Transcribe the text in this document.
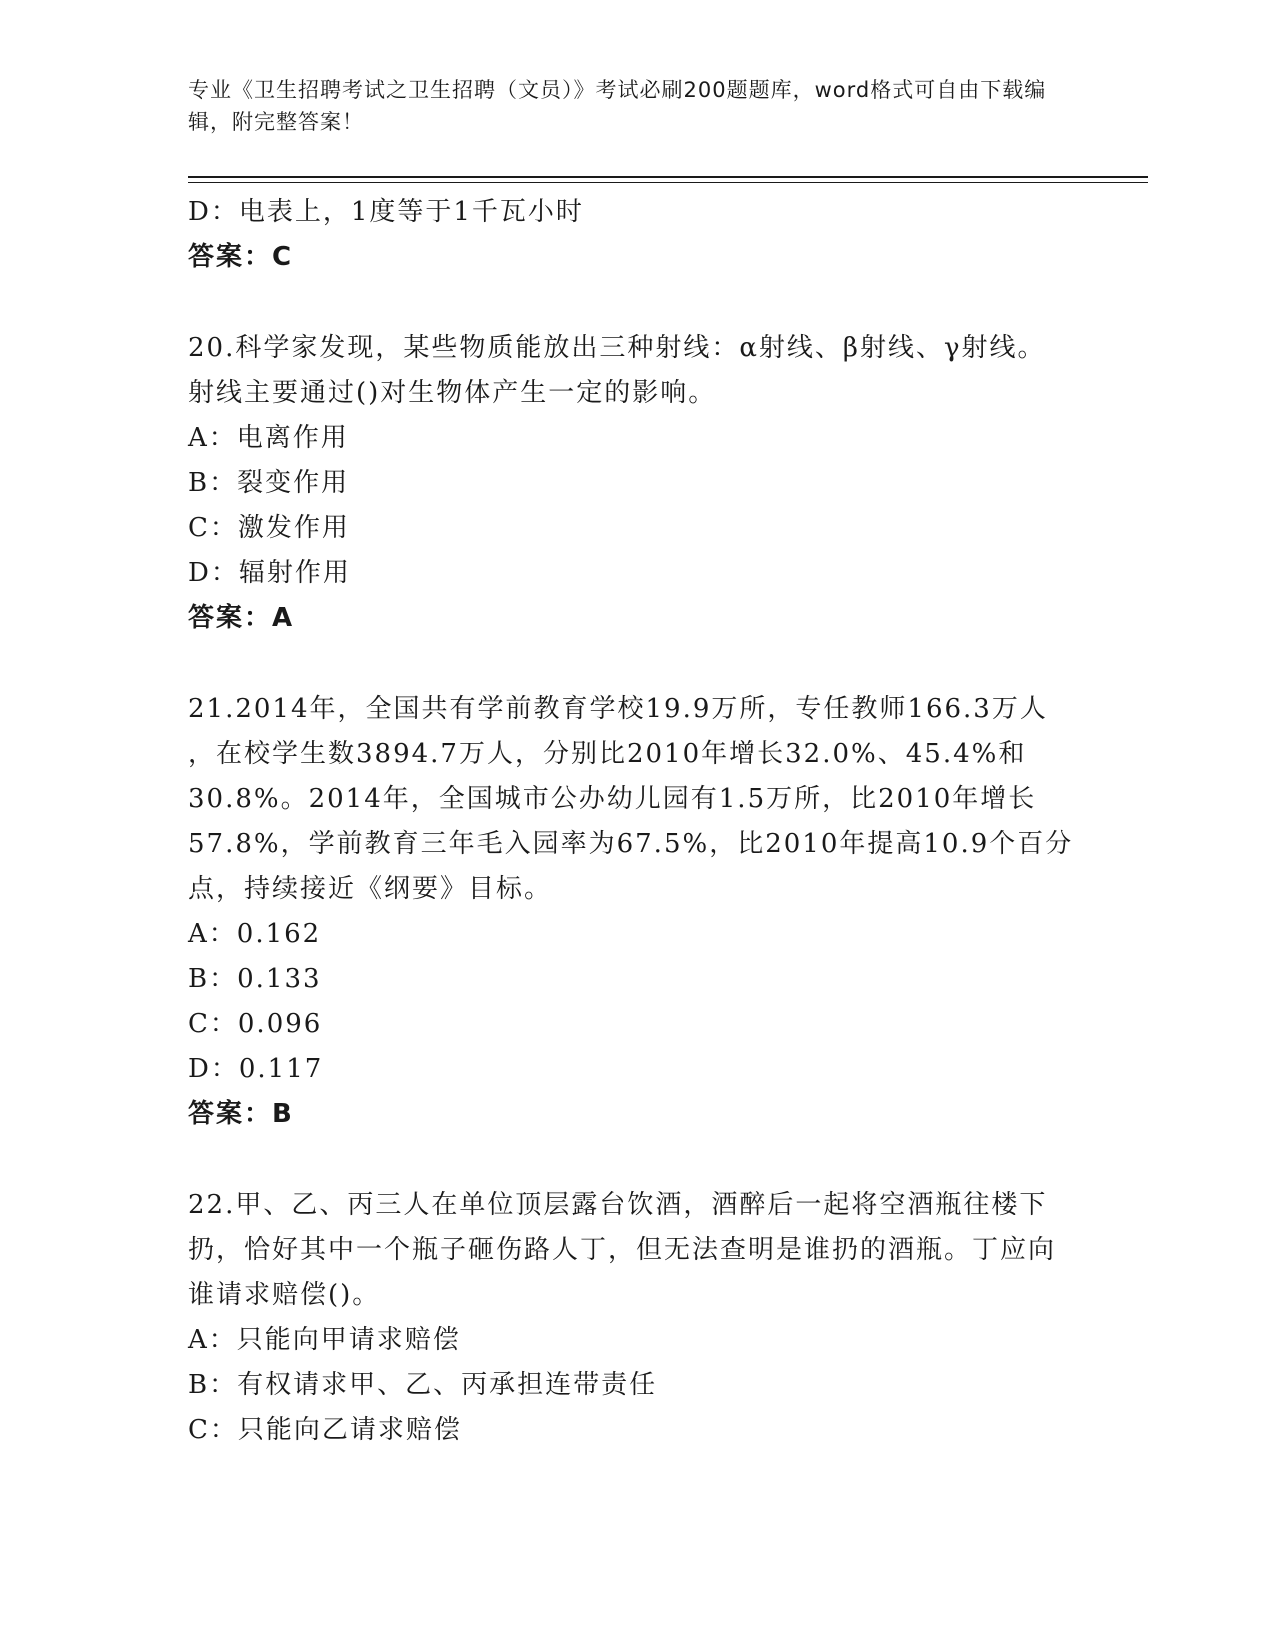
专业《卫生招聘考试之卫生招聘（文员）》考试必刷200题题库，word格式可自由下载编辑，附完整答案！
D：电表上，1度等于1千瓦小时
答案：C
20.科学家发现，某些物质能放出三种射线：α射线、β射线、γ射线。射线主要通过()对生物体产生一定的影响。
A：电离作用
B：裂变作用
C：激发作用
D：辐射作用
答案：A
21.2014年，全国共有学前教育学校19.9万所，专任教师166.3万人
，在校学生数3894.7万人，分别比2010年增长32.0%、45.4%和
30.8%。2014年，全国城市公办幼儿园有1.5万所，比2010年增长
57.8%，学前教育三年毛入园率为67.5%，比2010年提高10.9个百分
点，持续接近《纲要》目标。
A：0.162
B：0.133
C：0.096
D：0.117
答案：B
22.甲、乙、丙三人在单位顶层露台饮酒，酒醉后一起将空酒瓶往楼下扔，恰好其中一个瓶子砸伤路人丁，但无法查明是谁扔的酒瓶。丁应向谁请求赔偿()。
A：只能向甲请求赔偿
B：有权请求甲、乙、丙承担连带责任
C：只能向乙请求赔偿
